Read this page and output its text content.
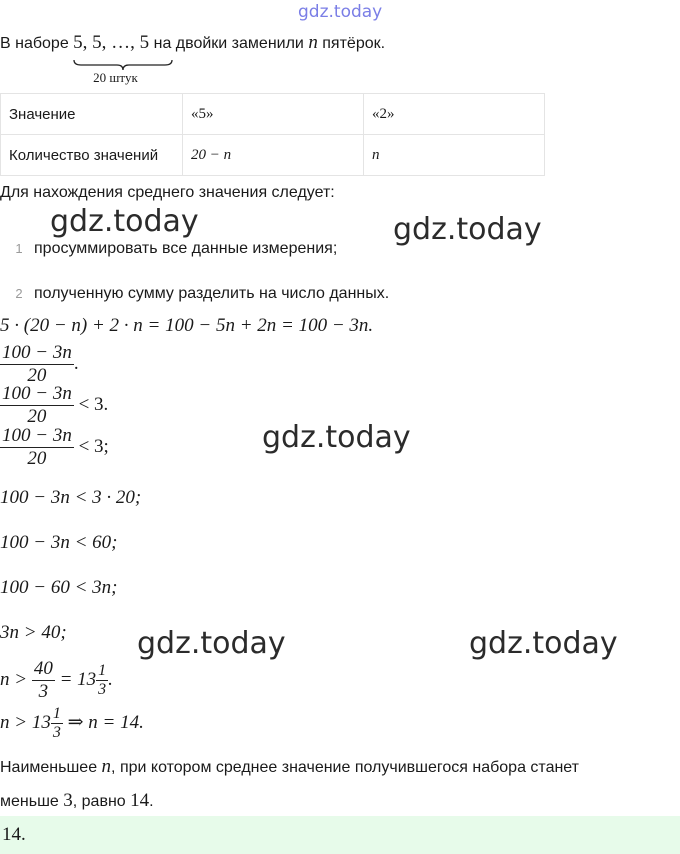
gdz.today
В наборе 5, 5, …, 5
20 штук
на двойки заменили n пятёрок.
Значение	«5»	«2»
Количество значений	20 − n	n
Для нахождения среднего значения следует:
gdz.today
1 просуммировать все данные измерения;
gdz.today
2 полученную сумму разделить на число данных.
5 · (20 − n) + 2 · n = 100 − 5n + 2n = 100 − 3n.
$\frac{100 - 3n}{20}$ .
$\frac{100 - 3n}{20} < 3$.
$\frac{100 - 3n}{20} < 3$;	gdz.today
100 − 3n < 3 · 20;
100 − 3n < 60;
100 − 60 < 3n;
3n > 40; gdz.today	gdz.today
$n > \frac{40}{3} = 13 \frac{1}{3}$ .
$n > 13 \frac{1}{3}$ ⇒ n = 14.
Наименьшее n, при котором среднее значение получившегося набора станет
меньше 3, равно 14.
14.
